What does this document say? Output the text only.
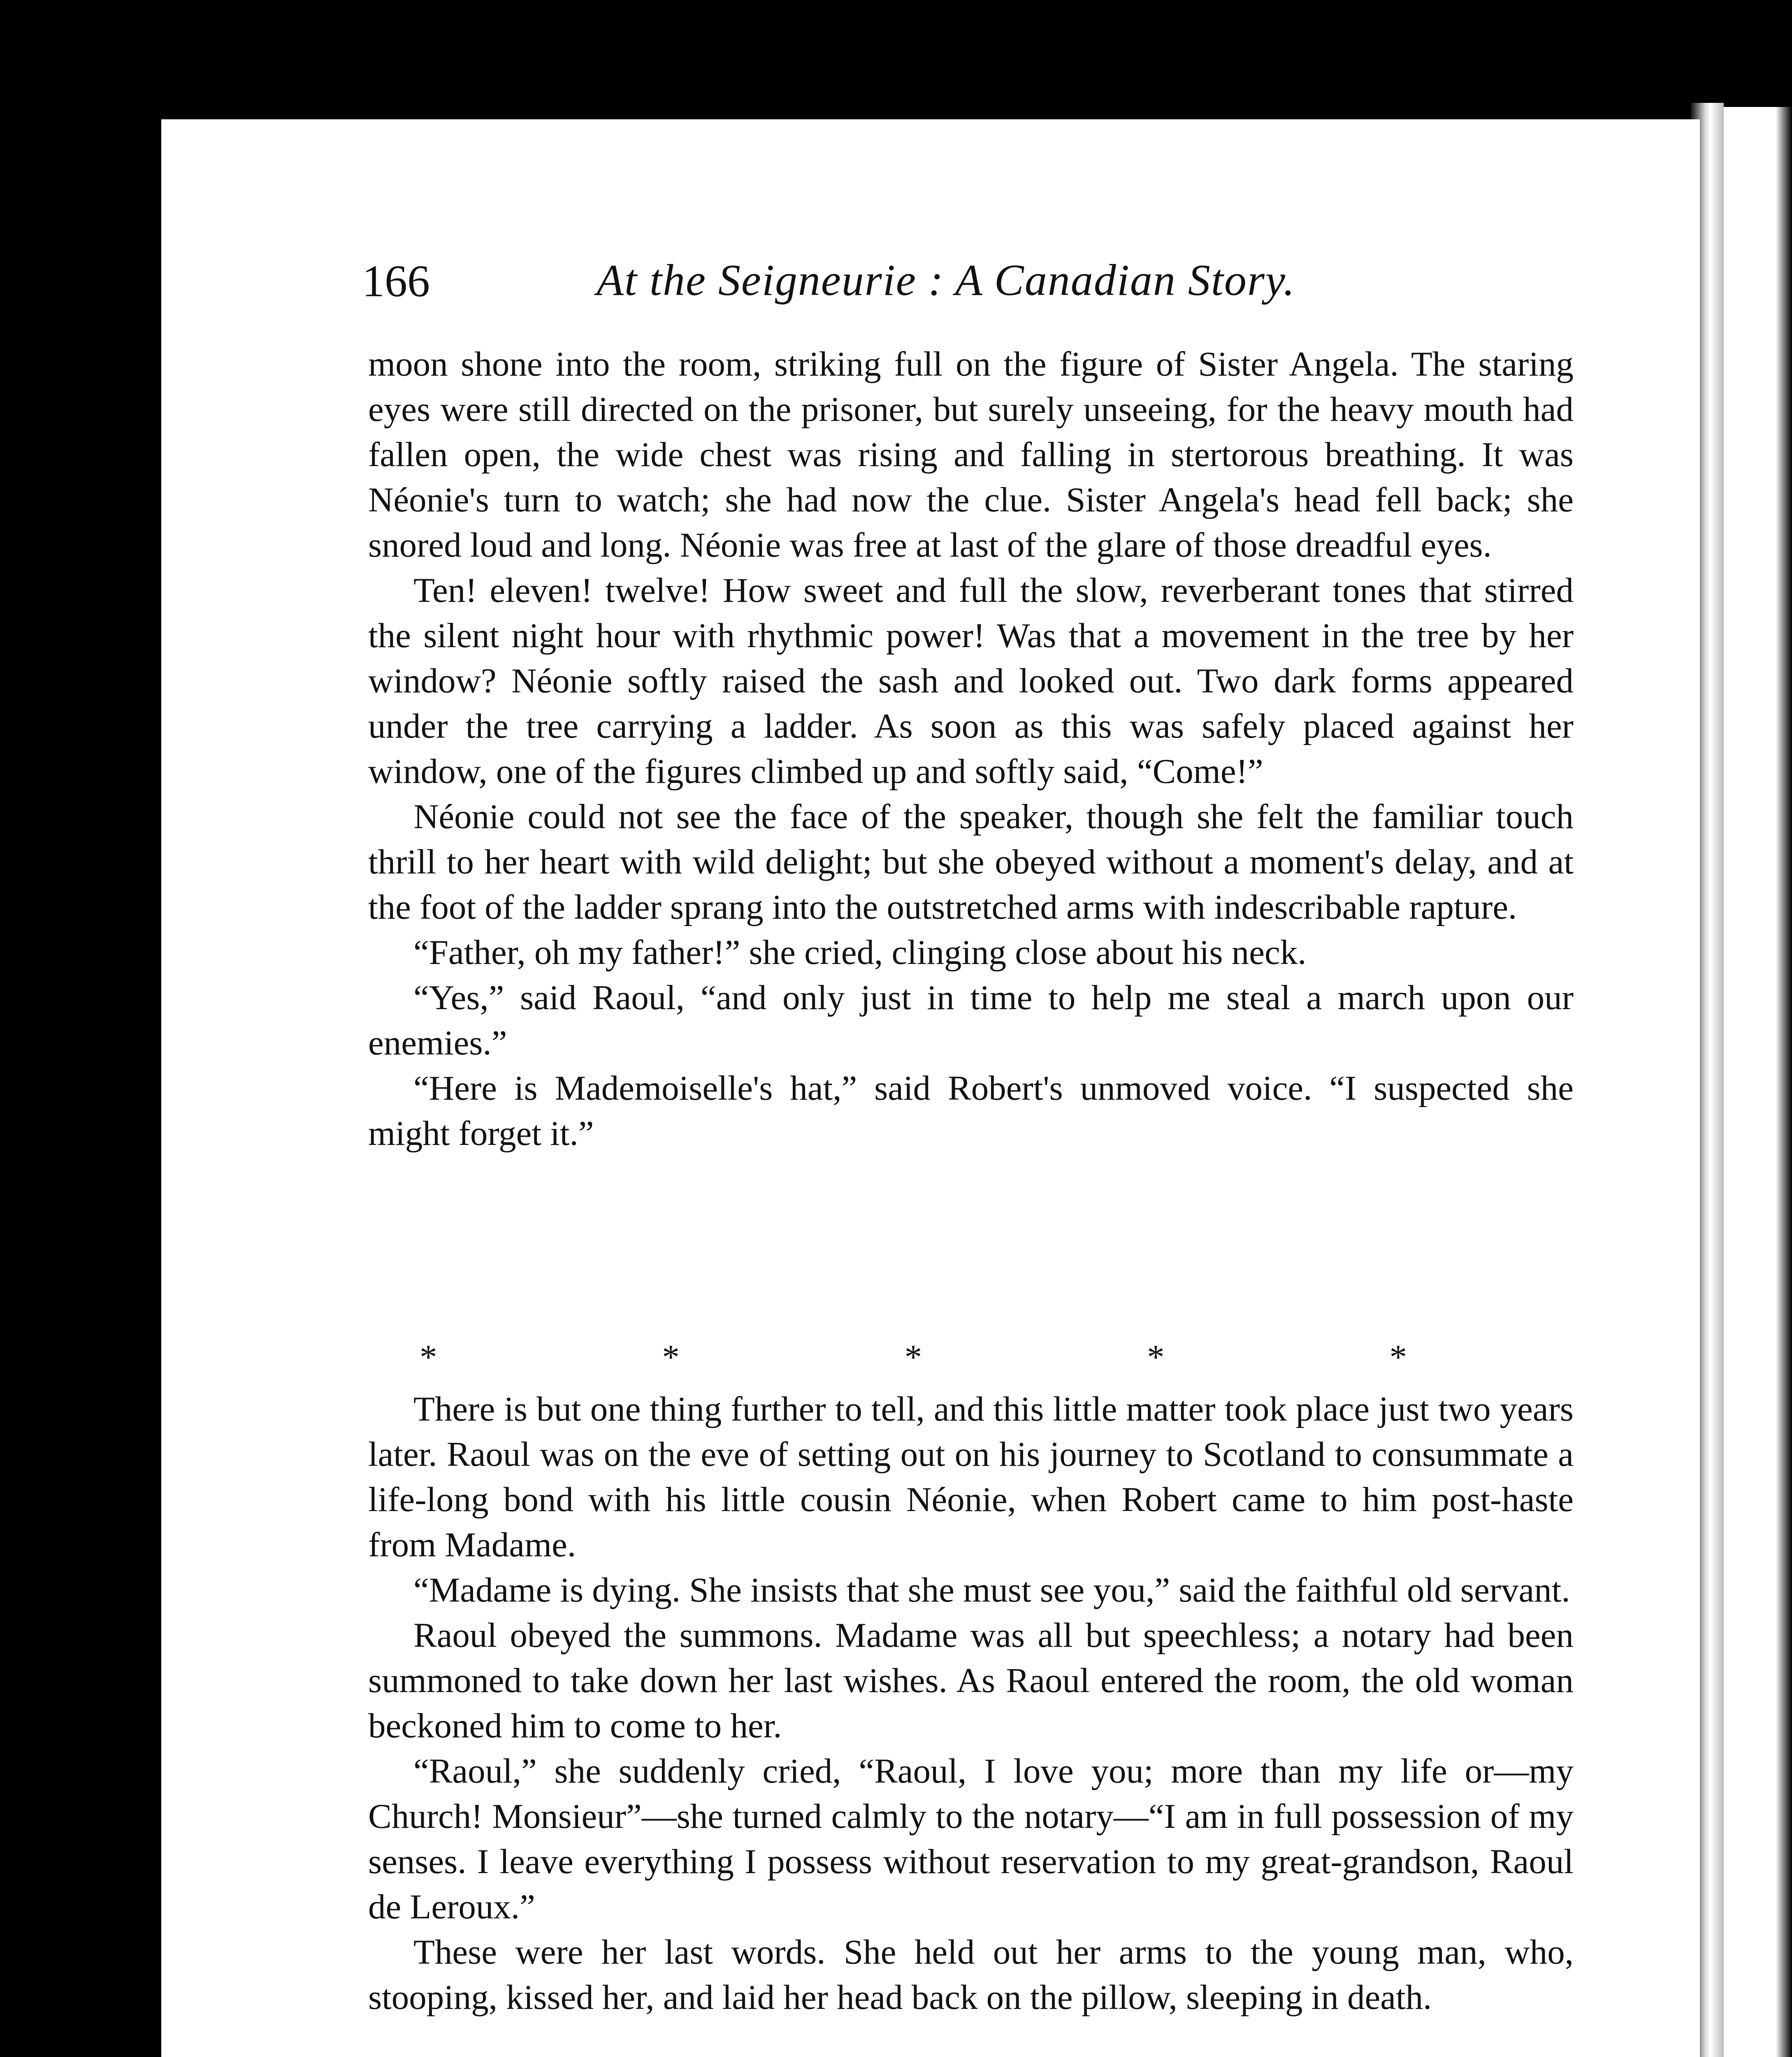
166	At the Seigneurie : A Canadian Story.

moon shone into the room, striking full on the figure of Sister Angela. The staring eyes were still directed on the prisoner, but surely unseeing, for the heavy mouth had fallen open, the wide chest was rising and falling in stertorous breathing. It was Néonie's turn to watch; she had now the clue. Sister Angela's head fell back; she snored loud and long. Néonie was free at last of the glare of those dreadful eyes.

Ten! eleven! twelve! How sweet and full the slow, reverberant tones that stirred the silent night hour with rhythmic power! Was that a movement in the tree by her window? Néonie softly raised the sash and looked out. Two dark forms appeared under the tree carrying a ladder. As soon as this was safely placed against her window, one of the figures climbed up and softly said, “Come!”

Néonie could not see the face of the speaker, though she felt the familiar touch thrill to her heart with wild delight; but she obeyed without a moment's delay, and at the foot of the ladder sprang into the outstretched arms with indescribable rapture.

“Father, oh my father!” she cried, clinging close about his neck.

“Yes,” said Raoul, “and only just in time to help me steal a march upon our enemies.”

“Here is Mademoiselle's hat,” said Robert's unmoved voice. “I suspected she might forget it.”

*	*	*	*	*

There is but one thing further to tell, and this little matter took place just two years later. Raoul was on the eve of setting out on his journey to Scotland to consummate a life-long bond with his little cousin Néonie, when Robert came to him post-haste from Madame.

“Madame is dying. She insists that she must see you,” said the faithful old servant.

Raoul obeyed the summons. Madame was all but speechless; a notary had been summoned to take down her last wishes. As Raoul entered the room, the old woman beckoned him to come to her.

“Raoul,” she suddenly cried, “Raoul, I love you; more than my life or—my Church! Monsieur”—she turned calmly to the notary—“I am in full possession of my senses. I leave everything I possess without reservation to my great-grandson, Raoul de Leroux.”

These were her last words. She held out her arms to the young man, who, stooping, kissed her, and laid her head back on the pillow, sleeping in death.
